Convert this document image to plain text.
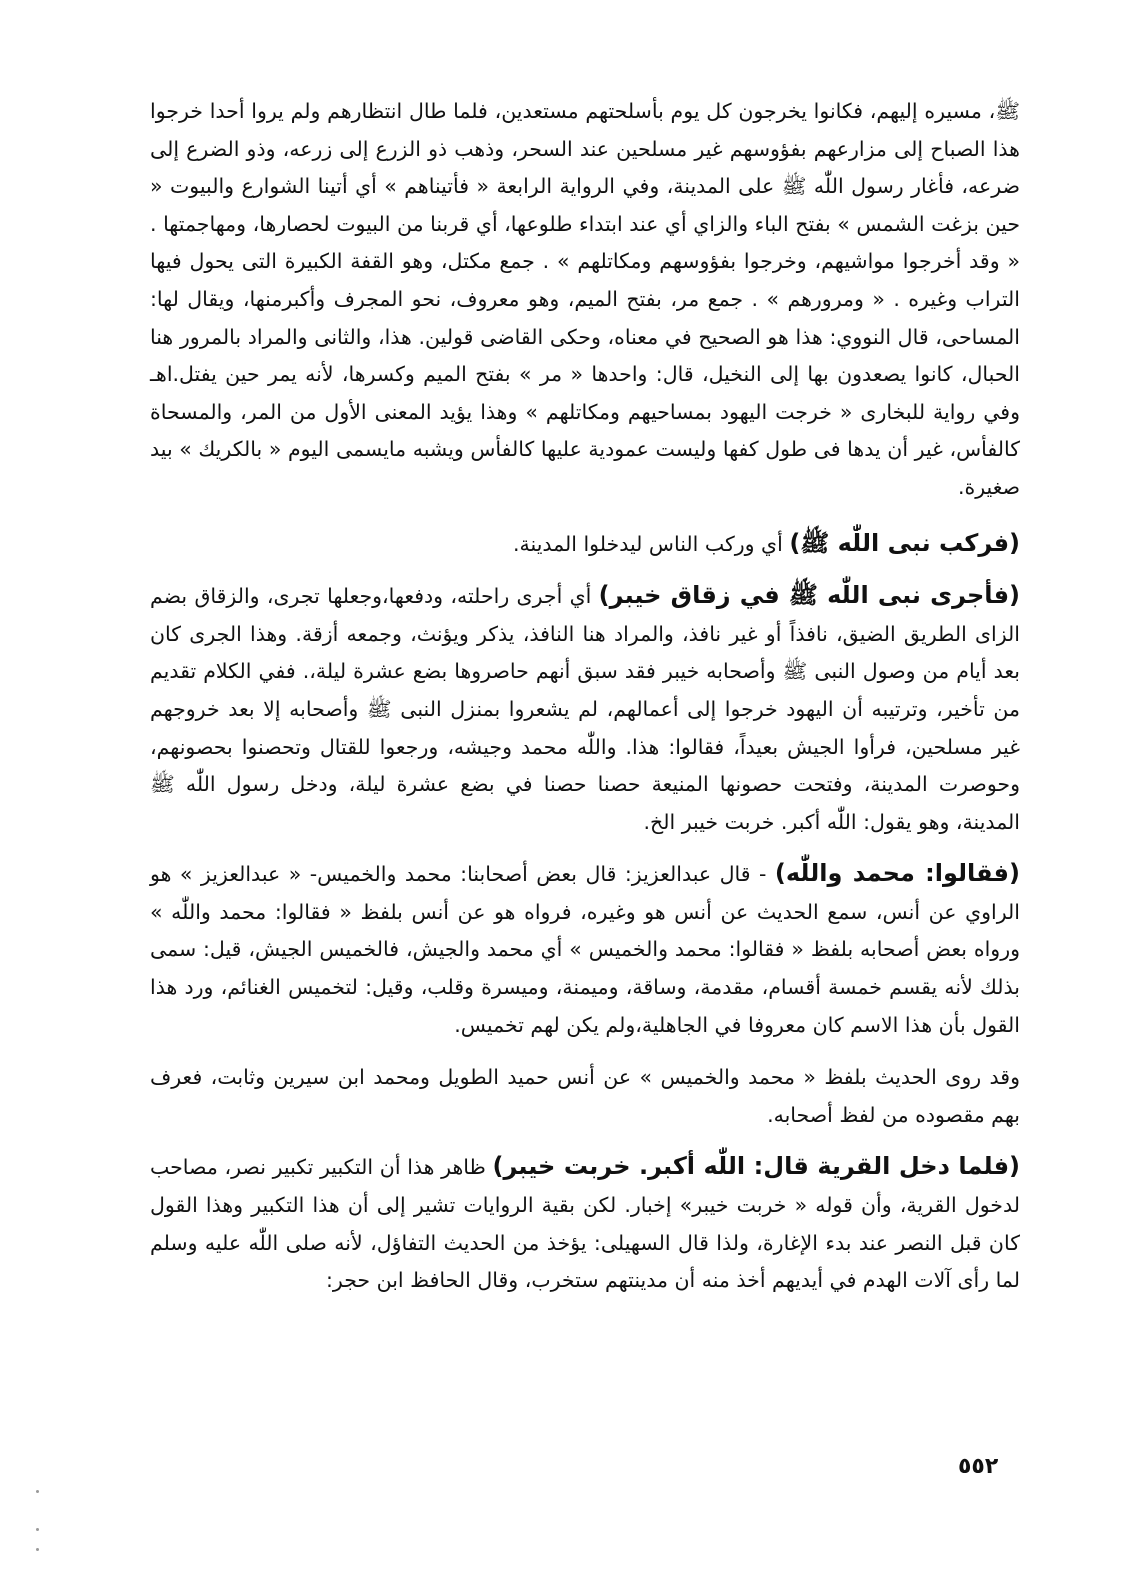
ﷺ، مسيره إليهم، فكانوا يخرجون كل يوم بأسلحتهم مستعدين، فلما طال انتظارهم ولم يروا أحدا خرجوا هذا الصباح إلى مزارعهم بفؤوسهم غير مسلحين عند السحر، وذهب ذو الزرع إلى زرعه، وذو الضرع إلى ضرعه، فأغار رسول اللّٰه ﷺ على المدينة، وفي الرواية الرابعة « فأتيناهم » أي أتينا الشوارع والبيوت « حين بزغت الشمس » بفتح الباء والزاي أي عند ابتداء طلوعها، أي قربنا من البيوت لحصارها، ومهاجمتها . « وقد أخرجوا مواشيهم، وخرجوا بفؤوسهم ومكاتلهم » . جمع مكتل، وهو القفة الكبيرة التى يحول فيها التراب وغيره . « ومرورهم » . جمع مر، بفتح الميم، وهو معروف، نحو المجرف وأكبرمنها، ويقال لها: المساحى، قال النووي: هذا هو الصحيح في معناه، وحكى القاضى قولين. هذا، والثانى والمراد بالمرور هنا الحبال، كانوا يصعدون بها إلى النخيل، قال: واحدها « مر » بفتح الميم وكسرها، لأنه يمر حين يفتل.اهـ وفي رواية للبخارى « خرجت اليهود بمساحيهم ومكاتلهم » وهذا يؤيد المعنى الأول من المر، والمسحاة كالفأس، غير أن يدها فى طول كفها وليست عمودية عليها كالفأس ويشبه مايسمى اليوم « بالكريك » بيد صغيرة.

(فركب نبى اللّٰه ﷺ) أي وركب الناس ليدخلوا المدينة.

(فأجرى نبى اللّٰه ﷺ في زقاق خيبر) أي أجرى راحلته، ودفعها،وجعلها تجرى، والزقاق بضم الزاى الطريق الضيق، نافذاً أو غير نافذ، والمراد هنا النافذ، يذكر ويؤنث، وجمعه أزقة. وهذا الجرى كان بعد أيام من وصول النبى ﷺ وأصحابه خيبر فقد سبق أنهم حاصروها بضع عشرة ليلة،. ففي الكلام تقديم من تأخير، وترتيبه أن اليهود خرجوا إلى أعمالهم، لم يشعروا بمنزل النبى ﷺ وأصحابه إلا بعد خروجهم غير مسلحين، فرأوا الجيش بعيداً، فقالوا: هذا. واللّٰه محمد وجيشه، ورجعوا للقتال وتحصنوا بحصونهم، وحوصرت المدينة، وفتحت حصونها المنيعة حصنا حصنا في بضع عشرة ليلة، ودخل رسول اللّٰه ﷺ المدينة، وهو يقول: اللّٰه أكبر. خربت خيبر الخ.

(فقالوا: محمد واللّٰه) - قال عبدالعزيز: قال بعض أصحابنا: محمد والخميس- « عبدالعزيز » هو الراوي عن أنس، سمع الحديث عن أنس هو وغيره، فرواه هو عن أنس بلفظ « فقالوا: محمد واللّٰه » ورواه بعض أصحابه بلفظ « فقالوا: محمد والخميس » أي محمد والجيش، فالخميس الجيش، قيل: سمى بذلك لأنه يقسم خمسة أقسام، مقدمة، وساقة، وميمنة، وميسرة وقلب، وقيل: لتخميس الغنائم، ورد هذا القول بأن هذا الاسم كان معروفا في الجاهلية،ولم يكن لهم تخميس.

وقد روى الحديث بلفظ « محمد والخميس » عن أنس حميد الطويل ومحمد ابن سيرين وثابت، فعرف بهم مقصوده من لفظ أصحابه.

(فلما دخل القرية قال: اللّٰه أكبر. خربت خيبر) ظاهر هذا أن التكبير تكبير نصر، مصاحب لدخول القرية، وأن قوله « خربت خيبر» إخبار. لكن بقية الروايات تشير إلى أن هذا التكبير وهذا القول كان قبل النصر عند بدء الإغارة، ولذا قال السهيلى: يؤخذ من الحديث التفاؤل، لأنه صلى اللّٰه عليه وسلم لما رأى آلات الهدم في أيديهم أخذ منه أن مدينتهم ستخرب، وقال الحافظ ابن حجر:

٥٥٢
